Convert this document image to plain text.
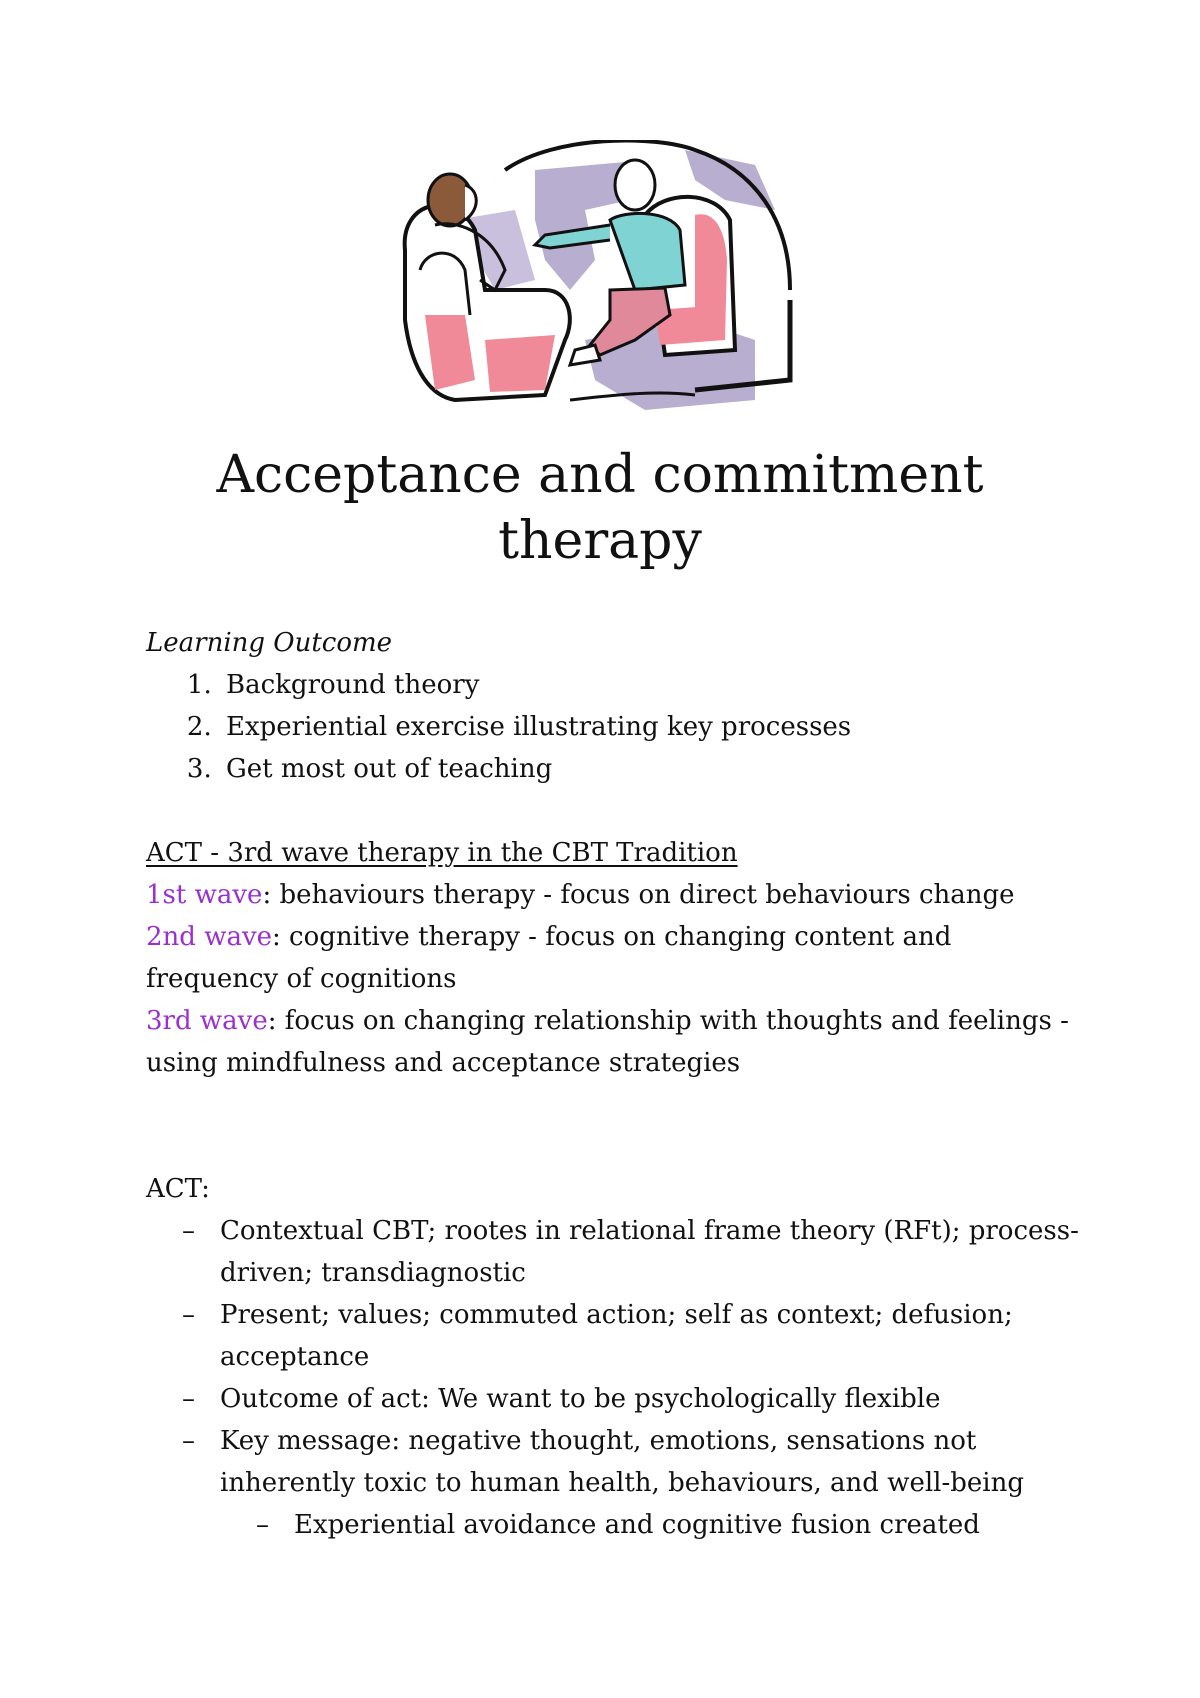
Acceptance and commitment
therapy

Learning Outcome

1. Background theory
2. Experiential exercise illustrating key processes
3. Get most out of teaching

ACT - 3rd wave therapy in the CBT Tradition

1st wave: behaviours therapy - focus on direct behaviours change

2nd wave: cognitive therapy - focus on changing content and frequency of cognitions

3rd wave: focus on changing relationship with thoughts and feelings - using mindfulness and acceptance strategies

ACT:

– Contextual CBT; rootes in relational frame theory (RFt); process-driven; transdiagnostic
– Present; values; commuted action; self as context; defusion; acceptance
– Outcome of act: We want to be psychologically flexible
– Key message: negative thought, emotions, sensations not inherently toxic to human health, behaviours, and well-being
– Experiential avoidance and cognitive fusion created
